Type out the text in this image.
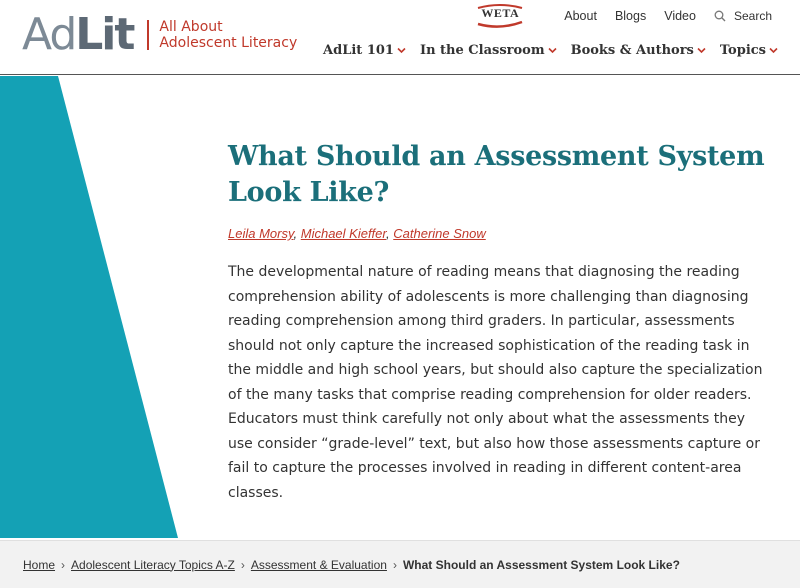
AdLit All About
Adolescent Literacy
WETA	About Blogs Video	Search
AdLit 101 In the Classroom Books & Authors Topics
What Should an Assessment System Look Like?
Leila Morsy, Michael Kieffer, Catherine Snow

The developmental nature of reading means that diagnosing the reading comprehension ability of adolescents is more challenging than diagnosing reading comprehension among third graders. In particular, assessments should not only capture the increased sophistication of the reading task in the middle and high school years, but should also capture the specialization of the many tasks that comprise reading comprehension for older readers. Educators must think carefully not only about what the assessments they use consider “grade-level” text, but also how those assessments capture or fail to capture the processes involved in reading in different content-area classes.

Home › Adolescent Literacy Topics A-Z › Assessment & Evaluation › What Should an Assessment System Look Like?
